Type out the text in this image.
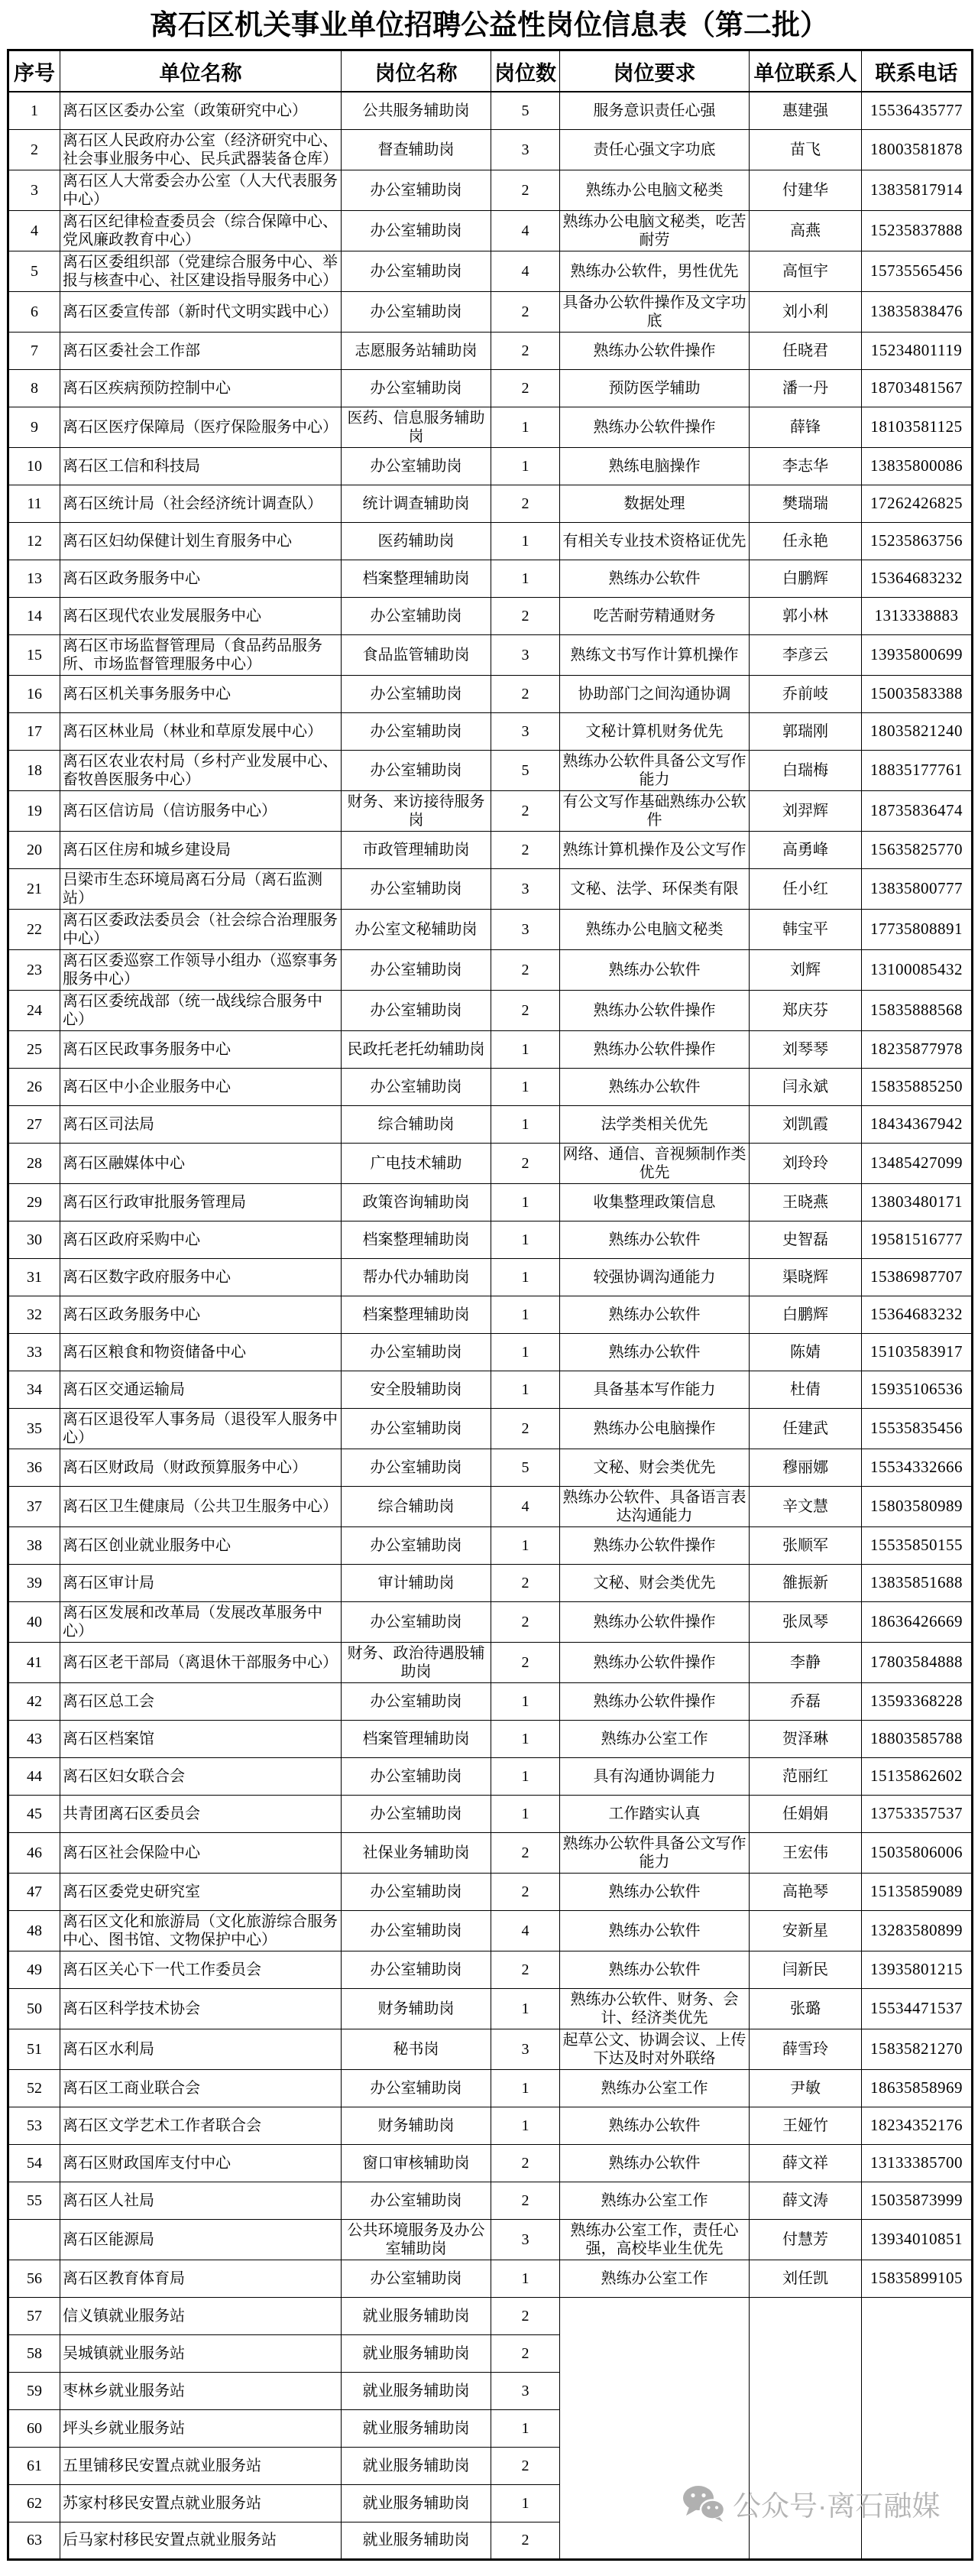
离石区机关事业单位招聘公益性岗位信息表（第二批）
序号	单位名称	岗位名称	岗位数	岗位要求	单位联系人	联系电话
1	离石区区委办公室（政策研究中心）	公共服务辅助岗	5	服务意识责任心强	惠建强	15536435777
2	离石区人民政府办公室（经济研究中心、社会事业服务中心、民兵武器装备仓库）	督查辅助岗	3	责任心强文字功底	苗飞	18003581878
3	离石区人大常委会办公室（人大代表服务中心）	办公室辅助岗	2	熟练办公电脑文秘类	付建华	13835817914
4	离石区纪律检查委员会（综合保障中心、党风廉政教育中心）	办公室辅助岗	4	熟练办公电脑文秘类，吃苦耐劳	高燕	15235837888
5	离石区委组织部（党建综合服务中心、举报与核查中心、社区建设指导服务中心）	办公室辅助岗	4	熟练办公软件，男性优先	高恒宇	15735565456
6	离石区委宣传部（新时代文明实践中心）	办公室辅助岗	2	具备办公软件操作及文字功底	刘小利	13835838476
7	离石区委社会工作部	志愿服务站辅助岗	2	熟练办公软件操作	任晓君	15234801119
8	离石区疾病预防控制中心	办公室辅助岗	2	预防医学辅助	潘一丹	18703481567
9	离石区医疗保障局（医疗保险服务中心）	医药、信息服务辅助岗	1	熟练办公软件操作	薛锋	18103581125
10	离石区工信和科技局	办公室辅助岗	1	熟练电脑操作	李志华	13835800086
11	离石区统计局（社会经济统计调查队）	统计调查辅助岗	2	数据处理	樊瑞瑞	17262426825
12	离石区妇幼保健计划生育服务中心	医药辅助岗	1	有相关专业技术资格证优先	任永艳	15235863756
13	离石区政务服务中心	档案整理辅助岗	1	熟练办公软件	白鹏辉	15364683232
14	离石区现代农业发展服务中心	办公室辅助岗	2	吃苦耐劳精通财务	郭小林	1313338883
15	离石区市场监督管理局（食品药品服务所、市场监督管理服务中心）	食品监管辅助岗	3	熟练文书写作计算机操作	李彦云	13935800699
16	离石区机关事务服务中心	办公室辅助岗	2	协助部门之间沟通协调	乔前岐	15003583388
17	离石区林业局（林业和草原发展中心）	办公室辅助岗	3	文秘计算机财务优先	郭瑞刚	18035821240
18	离石区农业农村局（乡村产业发展中心、畜牧兽医服务中心）	办公室辅助岗	5	熟练办公软件具备公文写作能力	白瑞梅	18835177761
19	离石区信访局（信访服务中心）	财务、来访接待服务岗	2	有公文写作基础熟练办公软件	刘羿辉	18735836474
20	离石区住房和城乡建设局	市政管理辅助岗	2	熟练计算机操作及公文写作	高勇峰	15635825770
21	吕梁市生态环境局离石分局（离石监测站）	办公室辅助岗	3	文秘、法学、环保类有限	任小红	13835800777
22	离石区委政法委员会（社会综合治理服务中心）	办公室文秘辅助岗	3	熟练办公电脑文秘类	韩宝平	17735808891
23	离石区委巡察工作领导小组办（巡察事务服务中心）	办公室辅助岗	2	熟练办公软件	刘辉	13100085432
24	离石区委统战部（统一战线综合服务中心）	办公室辅助岗	2	熟练办公软件操作	郑庆芬	15835888568
25	离石区民政事务服务中心	民政托老托幼辅助岗	1	熟练办公软件操作	刘琴琴	18235877978
26	离石区中小企业服务中心	办公室辅助岗	1	熟练办公软件	闫永斌	15835885250
27	离石区司法局	综合辅助岗	1	法学类相关优先	刘凯霞	18434367942
28	离石区融媒体中心	广电技术辅助	2	网络、通信、音视频制作类优先	刘玲玲	13485427099
29	离石区行政审批服务管理局	政策咨询辅助岗	1	收集整理政策信息	王晓燕	13803480171
30	离石区政府采购中心	档案整理辅助岗	1	熟练办公软件	史智磊	19581516777
31	离石区数字政府服务中心	帮办代办辅助岗	1	较强协调沟通能力	渠晓辉	15386987707
32	离石区政务服务中心	档案整理辅助岗	1	熟练办公软件	白鹏辉	15364683232
33	离石区粮食和物资储备中心	办公室辅助岗	1	熟练办公软件	陈婧	15103583917
34	离石区交通运输局	安全股辅助岗	1	具备基本写作能力	杜倩	15935106536
35	离石区退役军人事务局（退役军人服务中心）	办公室辅助岗	2	熟练办公电脑操作	任建武	15535835456
36	离石区财政局（财政预算服务中心）	办公室辅助岗	5	文秘、财会类优先	穆丽娜	15534332666
37	离石区卫生健康局（公共卫生服务中心）	综合辅助岗	4	熟练办公软件、具备语言表达沟通能力	辛文慧	15803580989
38	离石区创业就业服务中心	办公室辅助岗	1	熟练办公软件操作	张顺军	15535850155
39	离石区审计局	审计辅助岗	2	文秘、财会类优先	雒振新	13835851688
40	离石区发展和改革局（发展改革服务中心）	办公室辅助岗	2	熟练办公软件操作	张凤琴	18636426669
41	离石区老干部局（离退休干部服务中心）	财务、政治待遇股辅助岗	2	熟练办公软件操作	李静	17803584888
42	离石区总工会	办公室辅助岗	1	熟练办公软件操作	乔磊	13593368228
43	离石区档案馆	档案管理辅助岗	1	熟练办公室工作	贺泽琳	18803585788
44	离石区妇女联合会	办公室辅助岗	1	具有沟通协调能力	范丽红	15135862602
45	共青团离石区委员会	办公室辅助岗	1	工作踏实认真	任娟娟	13753357537
46	离石区社会保险中心	社保业务辅助岗	2	熟练办公软件具备公文写作能力	王宏伟	15035806006
47	离石区委党史研究室	办公室辅助岗	2	熟练办公软件	高艳琴	15135859089
48	离石区文化和旅游局（文化旅游综合服务中心、图书馆、文物保护中心）	办公室辅助岗	4	熟练办公软件	安新星	13283580899
49	离石区关心下一代工作委员会	办公室辅助岗	2	熟练办公软件	闫新民	13935801215
50	离石区科学技术协会	财务辅助岗	1	熟练办公软件、财务、会计、经济类优先	张璐	15534471537
51	离石区水利局	秘书岗	3	起草公文、协调会议、上传下达及时对外联络	薛雪玲	15835821270
52	离石区工商业联合会	办公室辅助岗	1	熟练办公室工作	尹敏	18635858969
53	离石区文学艺术工作者联合会	财务辅助岗	1	熟练办公软件	王娅竹	18234352176
54	离石区财政国库支付中心	窗口审核辅助岗	2	熟练办公软件	薛文祥	13133385700
55	离石区人社局	办公室辅助岗	2	熟练办公室工作	薛文涛	15035873999
	离石区能源局	公共环境服务及办公室辅助岗	3	熟练办公室工作，责任心强，高校毕业生优先	付慧芳	13934010851
56	离石区教育体育局	办公室辅助岗	1	熟练办公室工作	刘任凯	15835899105
57	信义镇就业服务站	就业服务辅助岗	2			
58	吴城镇就业服务站	就业服务辅助岗	2			
59	枣林乡就业服务站	就业服务辅助岗	3			
60	坪头乡就业服务站	就业服务辅助岗	1			
61	五里铺移民安置点就业服务站	就业服务辅助岗	2			
62	苏家村移民安置点就业服务站	就业服务辅助岗	1			
63	后马家村移民安置点就业服务站	就业服务辅助岗	2			
公众号·离石融媒
